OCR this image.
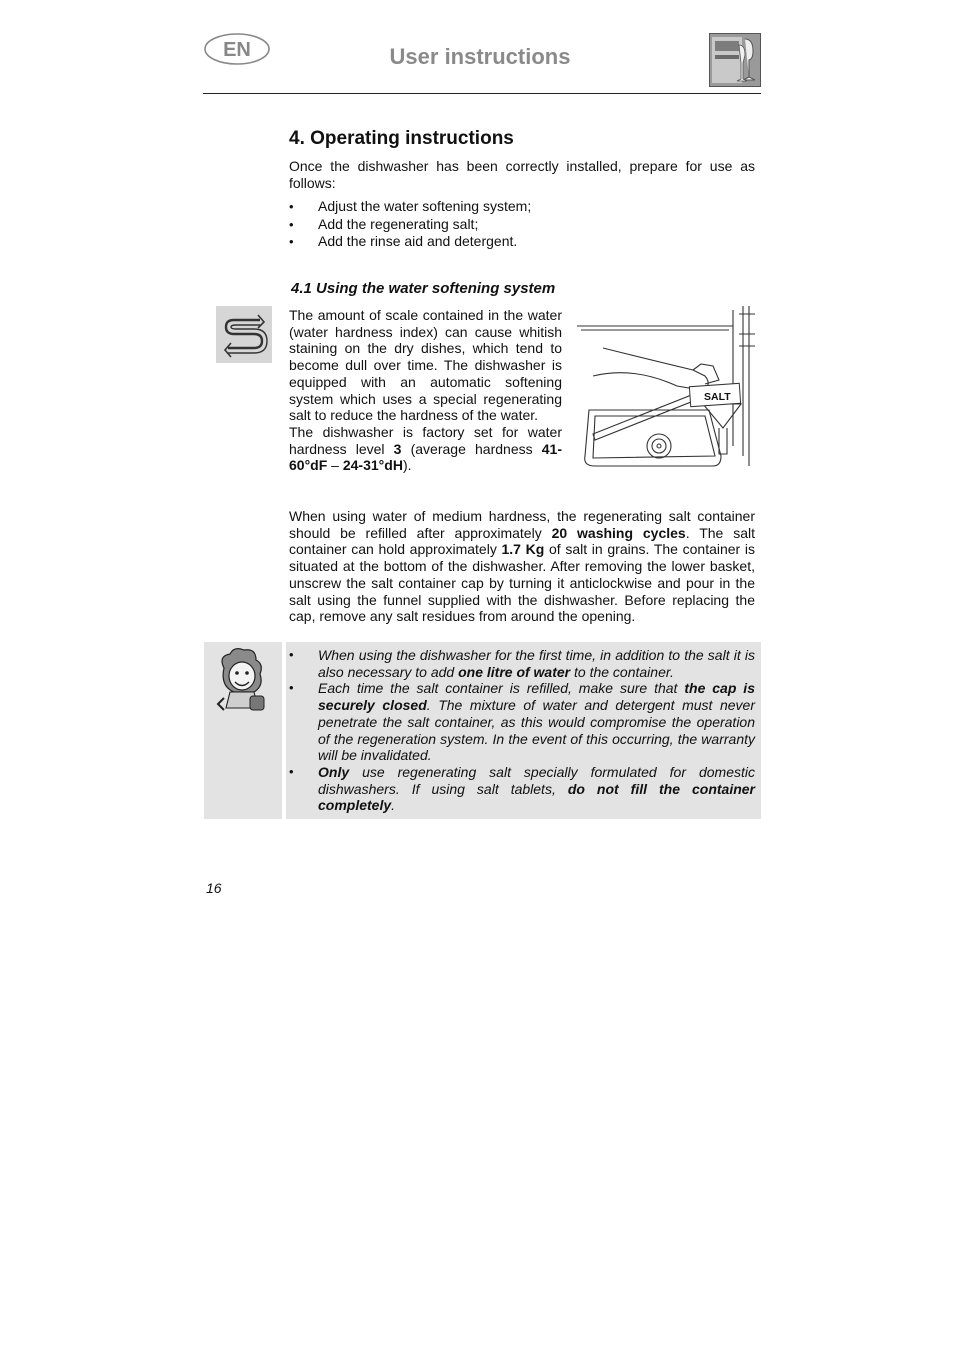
EN	User instructions
4. Operating instructions
Once the dishwasher has been correctly installed, prepare for use as follows:
• Adjust the water softening system;
• Add the regenerating salt;
• Add the rinse aid and detergent.
4.1 Using the water softening system
The amount of scale contained in the water (water hardness index) can cause whitish staining on the dry dishes, which tend to become dull over time. The dishwasher is equipped with an automatic softening system which uses a special regenerating salt to reduce the hardness of the water.
The dishwasher is factory set for water hardness level 3 (average hardness 41-60°dF – 24-31°dH).
SALT
When using water of medium hardness, the regenerating salt container should be refilled after approximately 20 washing cycles. The salt container can hold approximately 1.7 Kg of salt in grains. The container is situated at the bottom of the dishwasher. After removing the lower basket, unscrew the salt container cap by turning it anticlockwise and pour in the salt using the funnel supplied with the dishwasher. Before replacing the cap, remove any salt residues from around the opening.
• When using the dishwasher for the first time, in addition to the salt it is also necessary to add one litre of water to the container.
• Each time the salt container is refilled, make sure that the cap is securely closed. The mixture of water and detergent must never penetrate the salt container, as this would compromise the operation of the regeneration system. In the event of this occurring, the warranty will be invalidated.
• Only use regenerating salt specially formulated for domestic dishwashers. If using salt tablets, do not fill the container completely.
16
